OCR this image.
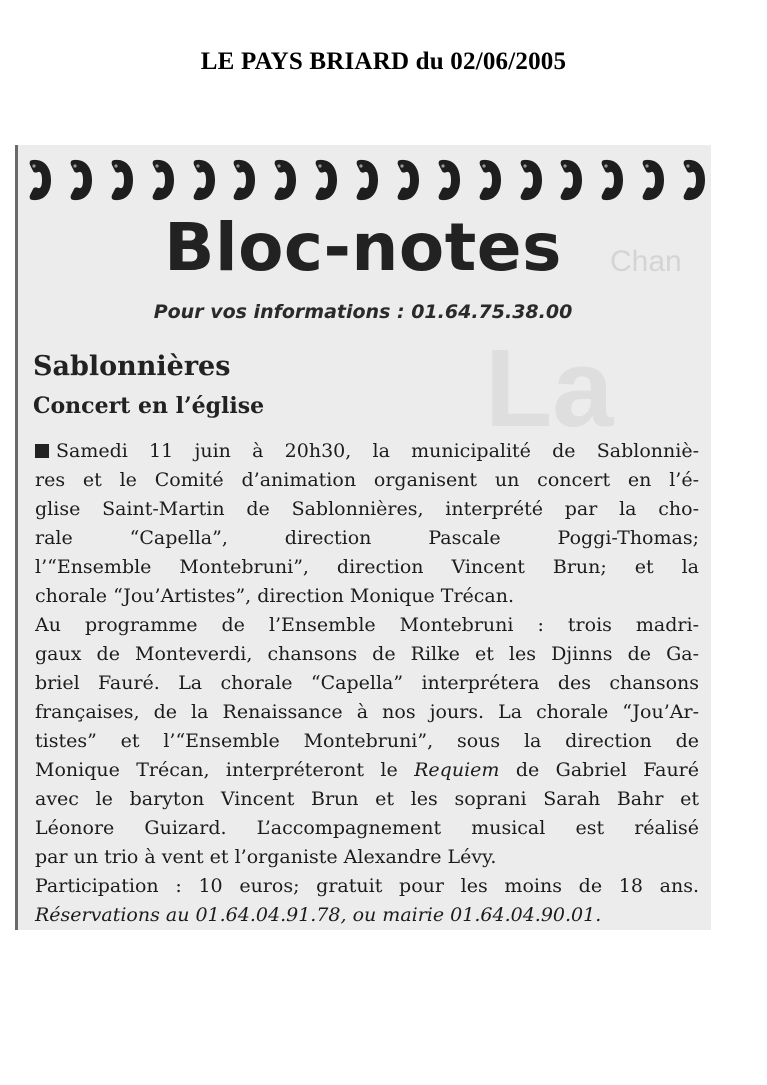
LE PAYS BRIARD du 02/06/2005
Chan
La
Bloc-notes
Pour vos informations : 01.64.75.38.00
Sablonnières
Concert en l’église
Samedi 11 juin à 20h30, la municipalité de Sablonniè-
res et le Comité d’animation organisent un concert en l’é-
glise Saint-Martin de Sablonnières, interprété par la cho-
rale “Capella”, direction Pascale Poggi-Thomas;
l’“Ensemble Montebruni”, direction Vincent Brun; et la
chorale “Jou’Artistes”, direction Monique Trécan.
Au programme de l’Ensemble Montebruni : trois madri-
gaux de Monteverdi, chansons de Rilke et les Djinns de Ga-
briel Fauré. La chorale “Capella” interprétera des chansons
françaises, de la Renaissance à nos jours. La chorale “Jou’Ar-
tistes” et l’“Ensemble Montebruni”, sous la direction de
Monique Trécan, interpréteront le Requiem de Gabriel Fauré
avec le baryton Vincent Brun et les soprani Sarah Bahr et
Léonore Guizard. L’accompagnement musical est réalisé
par un trio à vent et l’organiste Alexandre Lévy.
Participation : 10 euros; gratuit pour les moins de 18 ans.
Réservations au 01.64.04.91.78, ou mairie 01.64.04.90.01.
